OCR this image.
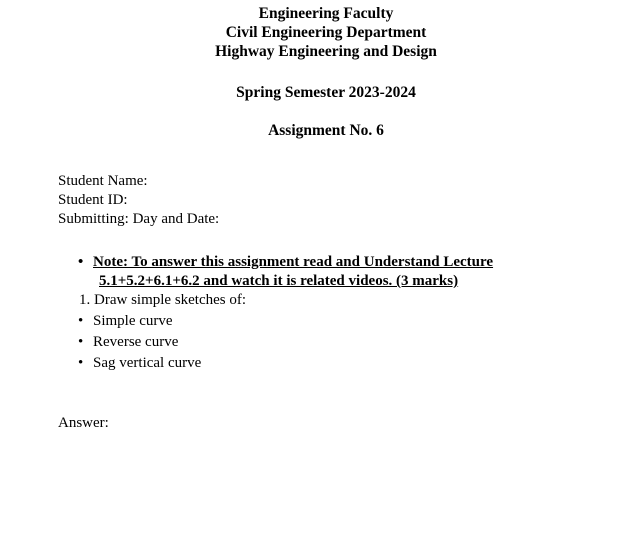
Engineering Faculty
Civil Engineering Department
Highway Engineering and Design
Spring Semester 2023-2024
Assignment No. 6
Student Name:
Student ID:
Submitting: Day and Date:
• Note: To answer this assignment read and Understand Lecture
5.1+5.2+6.1+6.2 and watch it is related videos. (3 marks)
1. Draw simple sketches of:
• Simple curve
• Reverse curve
• Sag vertical curve
Answer:
